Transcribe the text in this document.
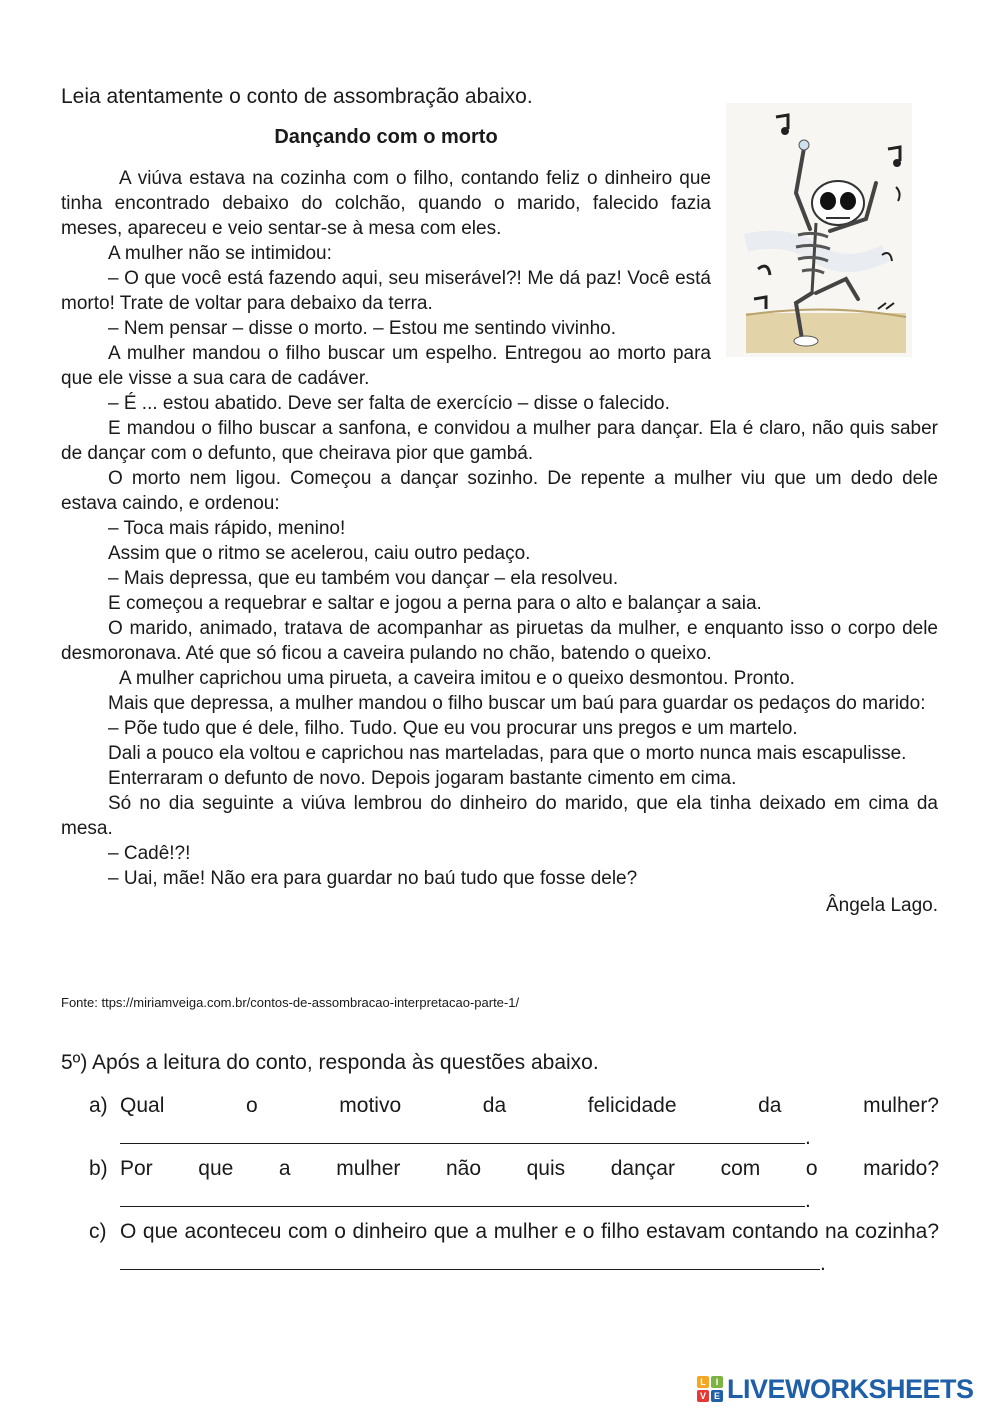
Leia atentamente o conto de assombração abaixo.
Dançando com o morto
A viúva estava na cozinha com o filho, contando feliz o dinheiro que tinha encontrado debaixo do colchão, quando o marido, falecido fazia meses, apareceu e veio sentar-se à mesa com eles.
A mulher não se intimidou:
– O que você está fazendo aqui, seu miserável?! Me dá paz! Você está morto! Trate de voltar para debaixo da terra.
– Nem pensar – disse o morto. – Estou me sentindo vivinho.
A mulher mandou o filho buscar um espelho. Entregou ao morto para que ele visse a sua cara de cadáver.
– É ... estou abatido. Deve ser falta de exercício – disse o falecido.
E mandou o filho buscar a sanfona, e convidou a mulher para dançar. Ela é claro, não quis saber de dançar com o defunto, que cheirava pior que gambá.
O morto nem ligou. Começou a dançar sozinho. De repente a mulher viu que um dedo dele estava caindo, e ordenou:
– Toca mais rápido, menino!
Assim que o ritmo se acelerou, caiu outro pedaço.
– Mais depressa, que eu também vou dançar – ela resolveu.
E começou a requebrar e saltar e jogou a perna para o alto e balançar a saia.
O marido, animado, tratava de acompanhar as piruetas da mulher, e enquanto isso o corpo dele desmoronava. Até que só ficou a caveira pulando no chão, batendo o queixo.
A mulher caprichou uma pirueta, a caveira imitou e o queixo desmontou. Pronto.
Mais que depressa, a mulher mandou o filho buscar um baú para guardar os pedaços do marido:
– Põe tudo que é dele, filho. Tudo. Que eu vou procurar uns pregos e um martelo.
Dali a pouco ela voltou e caprichou nas marteladas, para que o morto nunca mais escapulisse.
Enterraram o defunto de novo. Depois jogaram bastante cimento em cima.
Só no dia seguinte a viúva lembrou do dinheiro do marido, que ela tinha deixado em cima da mesa.
– Cadê!?!
– Uai, mãe! Não era para guardar no baú tudo que fosse dele?
Ângela Lago.
Fonte: ttps://miriamveiga.com.br/contos-de-assombracao-interpretacao-parte-1/
5º) Após a leitura do conto, responda às questões abaixo.
a) Qual o motivo da felicidade da mulher?
.
b) Por que a mulher não quis dançar com o marido?
.
c) O que aconteceu com o dinheiro que a mulher e o filho estavam contando na cozinha? .
L	I
V E LIVEWORKSHEETS
